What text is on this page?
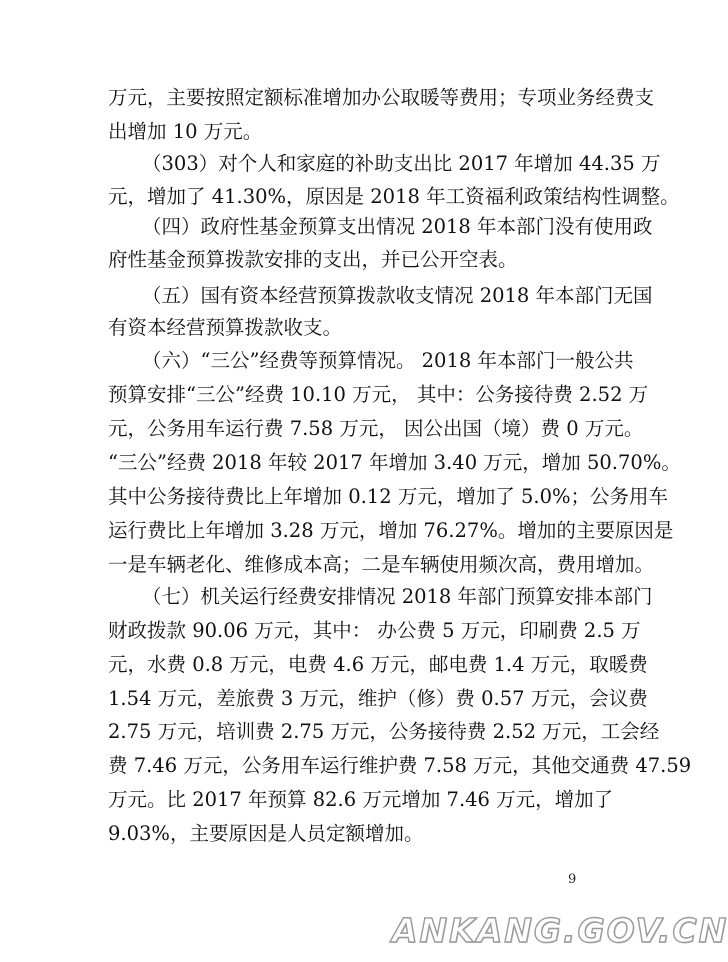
万元，主要按照定额标准增加办公取暖等费用；专项业务经费支
出增加 10 万元。
（303）对个人和家庭的补助支出比 2017 年增加 44.35 万
元，增加了 41.30%，原因是 2018 年工资福利政策结构性调整。
（四）政府性基金预算支出情况 2018 年本部门没有使用政
府性基金预算拨款安排的支出，并已公开空表。
（五）国有资本经营预算拨款收支情况 2018 年本部门无国
有资本经营预算拨款收支。
（六）“三公”经费等预算情况。 2018 年本部门一般公共
预算安排“三公”经费 10.10 万元， 其中：公务接待费 2.52 万
元，公务用车运行费 7.58 万元， 因公出国（境）费 0 万元。
“三公”经费 2018 年较 2017 年增加 3.40 万元，增加 50.70%。
其中公务接待费比上年增加 0.12 万元，增加了 5.0%；公务用车
运行费比上年增加 3.28 万元，增加 76.27%。增加的主要原因是
一是车辆老化、维修成本高；二是车辆使用频次高，费用增加。
（七）机关运行经费安排情况 2018 年部门预算安排本部门
财政拨款 90.06 万元，其中： 办公费 5 万元，印刷费 2.5 万
元，水费 0.8 万元，电费 4.6 万元，邮电费 1.4 万元，取暖费
1.54 万元，差旅费 3 万元，维护（修）费 0.57 万元，会议费
2.75 万元，培训费 2.75 万元，公务接待费 2.52 万元，工会经
费 7.46 万元，公务用车运行维护费 7.58 万元，其他交通费 47.59
万元。比 2017 年预算 82.6 万元增加 7.46 万元，增加了
9.03%，主要原因是人员定额增加。
9
ANKANG.GOV.CN
